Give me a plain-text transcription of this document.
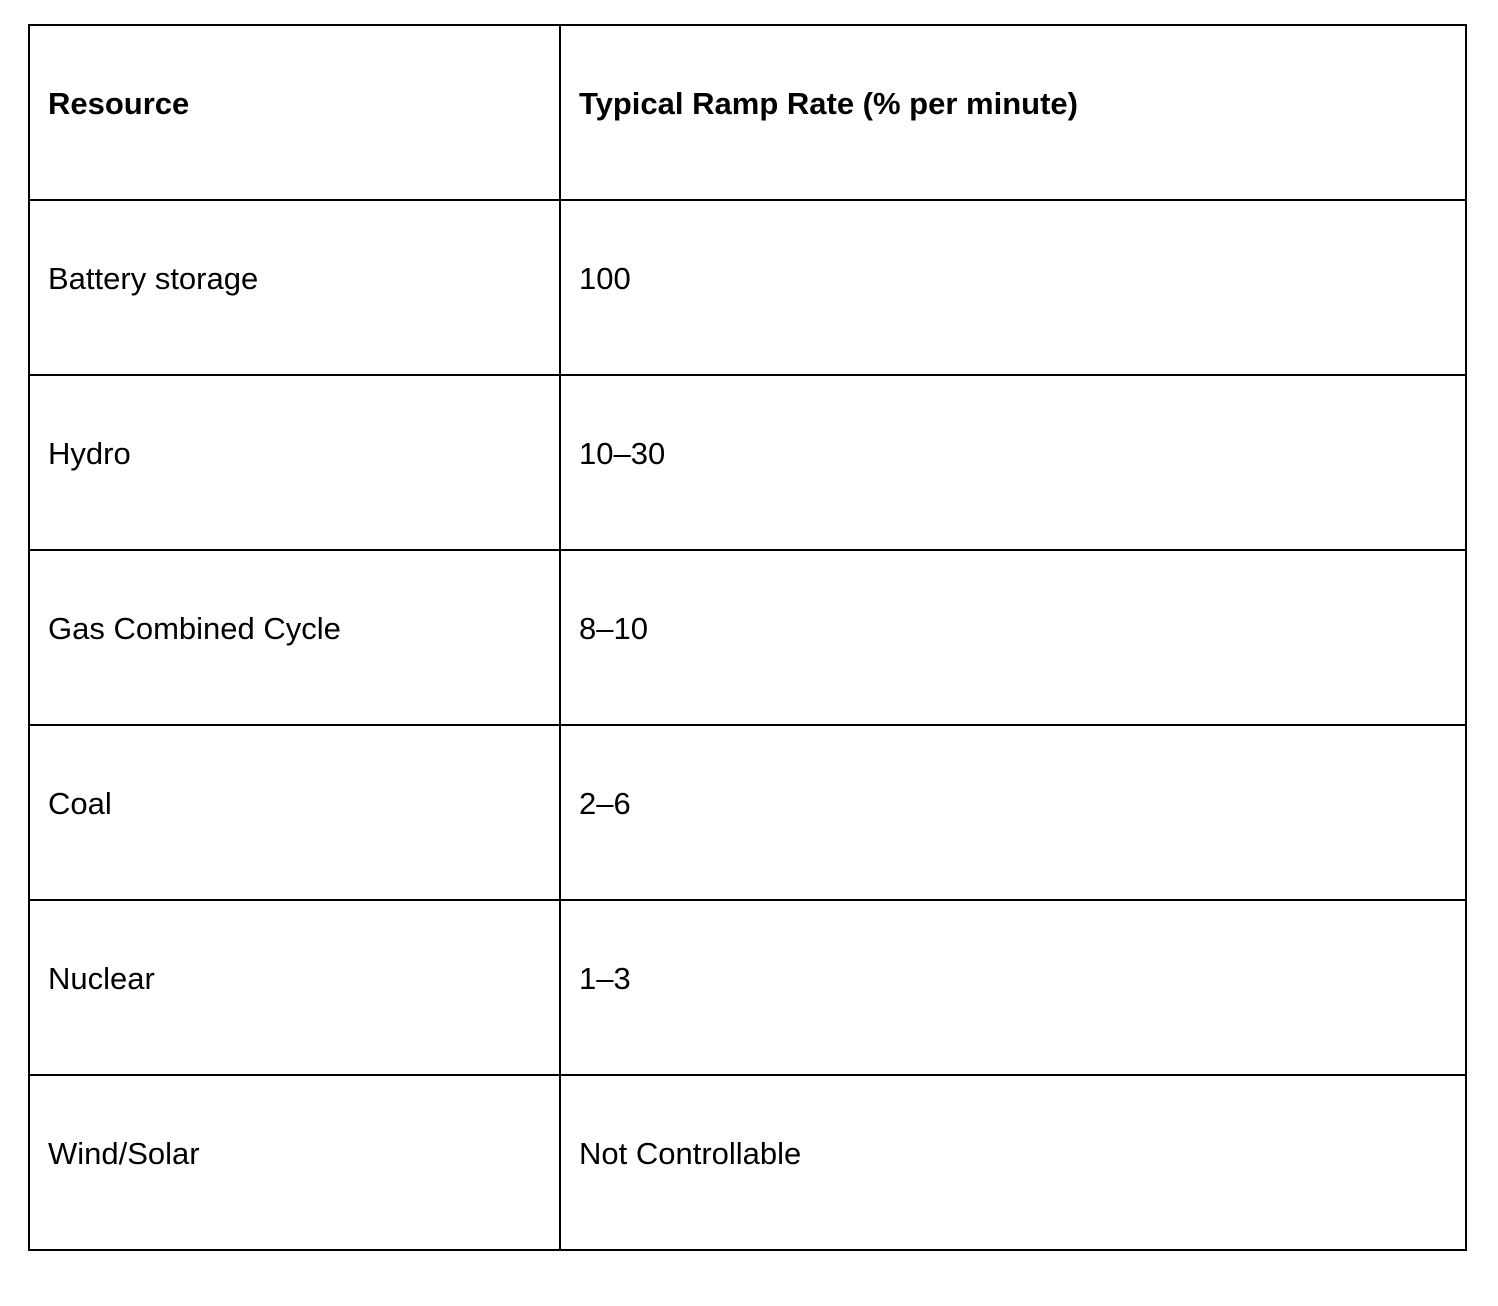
Resource	Typical Ramp Rate (% per minute)

Battery storage	100

Hydro	10–30

Gas Combined Cycle	8–10

Coal	2–6

Nuclear	1–3

Wind/Solar	Not Controllable
